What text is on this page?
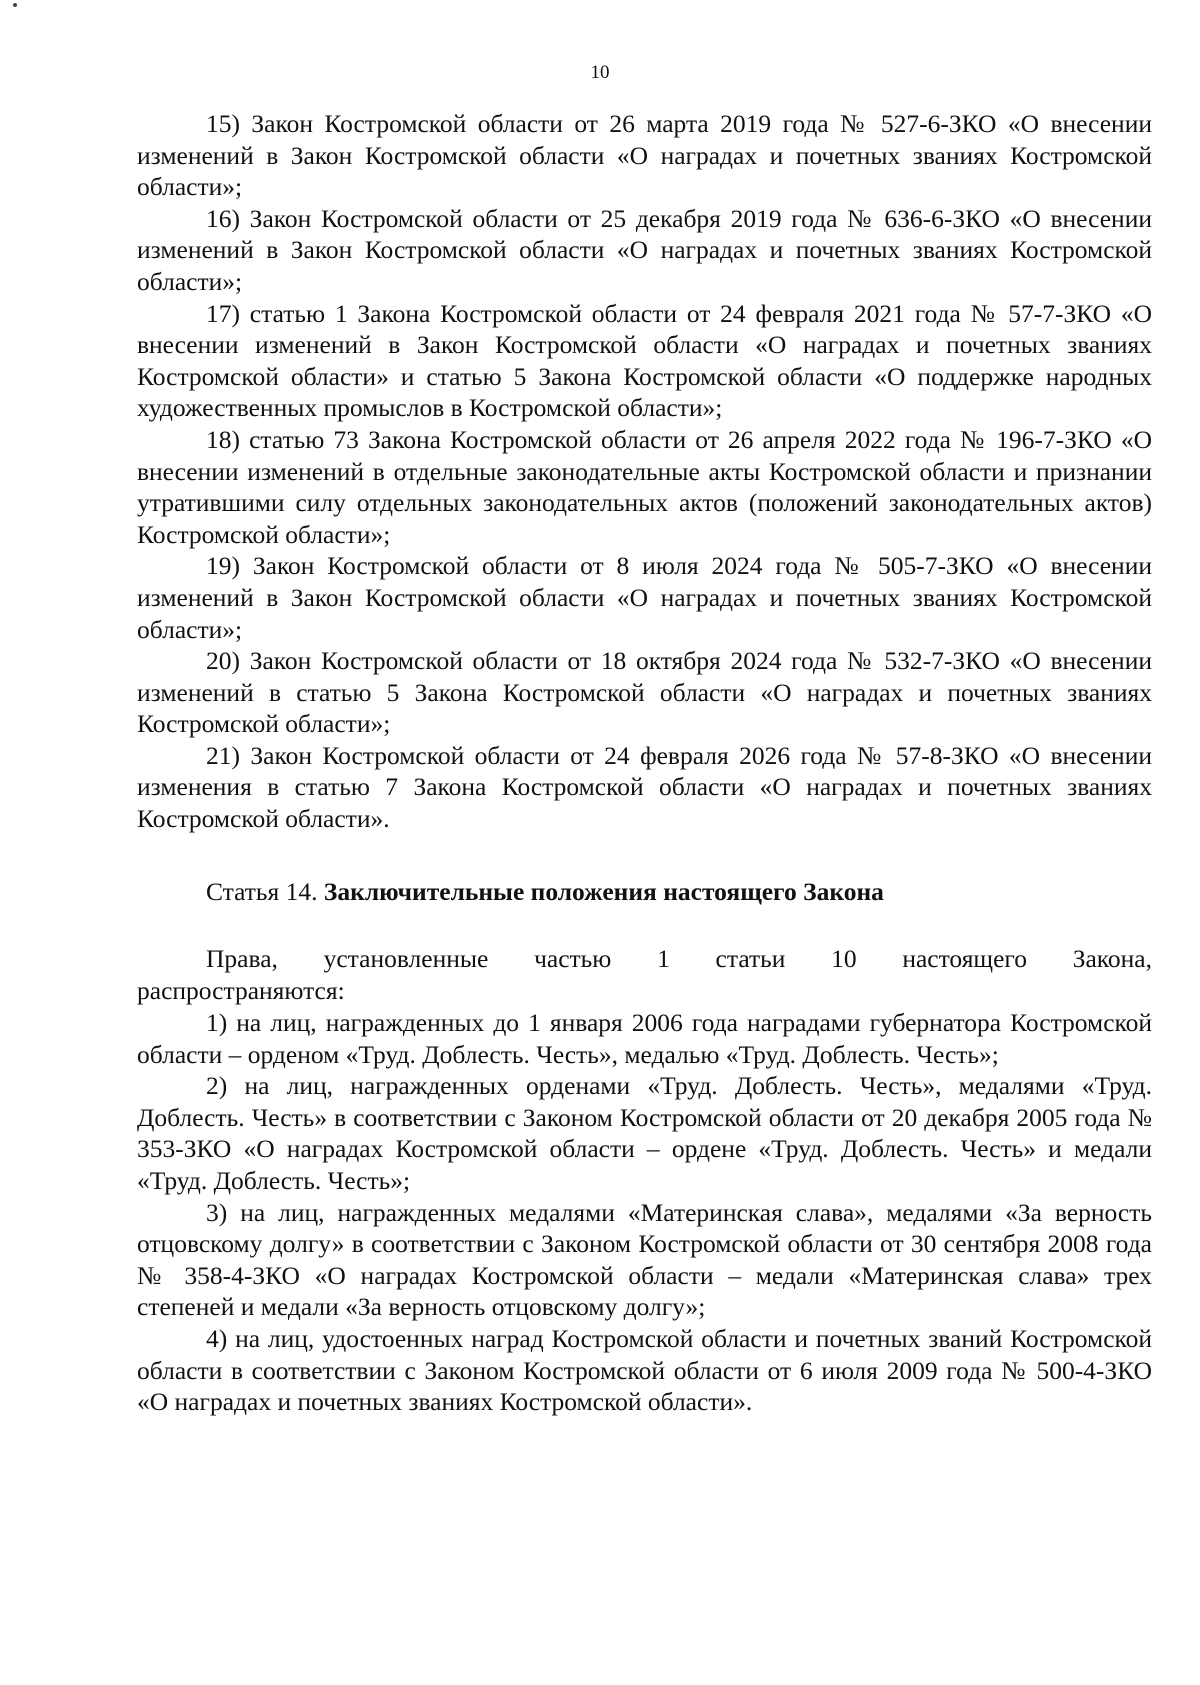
10

15) Закон Костромской области от 26 марта 2019 года № 527-6-ЗКО «О внесении изменений в Закон Костромской области «О наградах и почетных званиях Костромской области»;

16) Закон Костромской области от 25 декабря 2019 года № 636-6-ЗКО «О внесении изменений в Закон Костромской области «О наградах и почетных званиях Костромской области»;

17) статью 1 Закона Костромской области от 24 февраля 2021 года № 57-7-ЗКО «О внесении изменений в Закон Костромской области «О наградах и почетных званиях Костромской области» и статью 5 Закона Костромской области «О поддержке народных художественных промыслов в Костромской области»;

18) статью 73 Закона Костромской области от 26 апреля 2022 года № 196-7-ЗКО «О внесении изменений в отдельные законодательные акты Костромской области и признании утратившими силу отдельных законодательных актов (положений законодательных актов) Костромской области»;

19) Закон Костромской области от 8 июля 2024 года № 505-7-ЗКО «О внесении изменений в Закон Костромской области «О наградах и почетных званиях Костромской области»;

20) Закон Костромской области от 18 октября 2024 года № 532-7-ЗКО «О внесении изменений в статью 5 Закона Костромской области «О наградах и почетных званиях Костромской области»;

21) Закон Костромской области от 24 февраля 2026 года № 57-8-ЗКО «О внесении изменения в статью 7 Закона Костромской области «О наградах и почетных званиях Костромской области».

Статья 14. Заключительные положения настоящего Закона
Права, установленные частью 1 статьи 10 настоящего Закона,
распространяются:

1) на лиц, награжденных до 1 января 2006 года наградами губернатора Костромской области – орденом «Труд. Доблесть. Честь», медалью «Труд. Доблесть. Честь»;

2) на лиц, награжденных орденами «Труд. Доблесть. Честь», медалями «Труд. Доблесть. Честь» в соответствии с Законом Костромской области от 20 декабря 2005 года № 353-ЗКО «О наградах Костромской области – ордене «Труд. Доблесть. Честь» и медали «Труд. Доблесть. Честь»;

3) на лиц, награжденных медалями «Материнская слава», медалями «За верность отцовскому долгу» в соответствии с Законом Костромской области от 30 сентября 2008 года № 358-4-ЗКО «О наградах Костромской области – медали «Материнская слава» трех степеней и медали «За верность отцовскому долгу»;

4) на лиц, удостоенных наград Костромской области и почетных званий Костромской области в соответствии с Законом Костромской области от 6 июля 2009 года № 500-4-ЗКО «О наградах и почетных званиях Костромской области».
